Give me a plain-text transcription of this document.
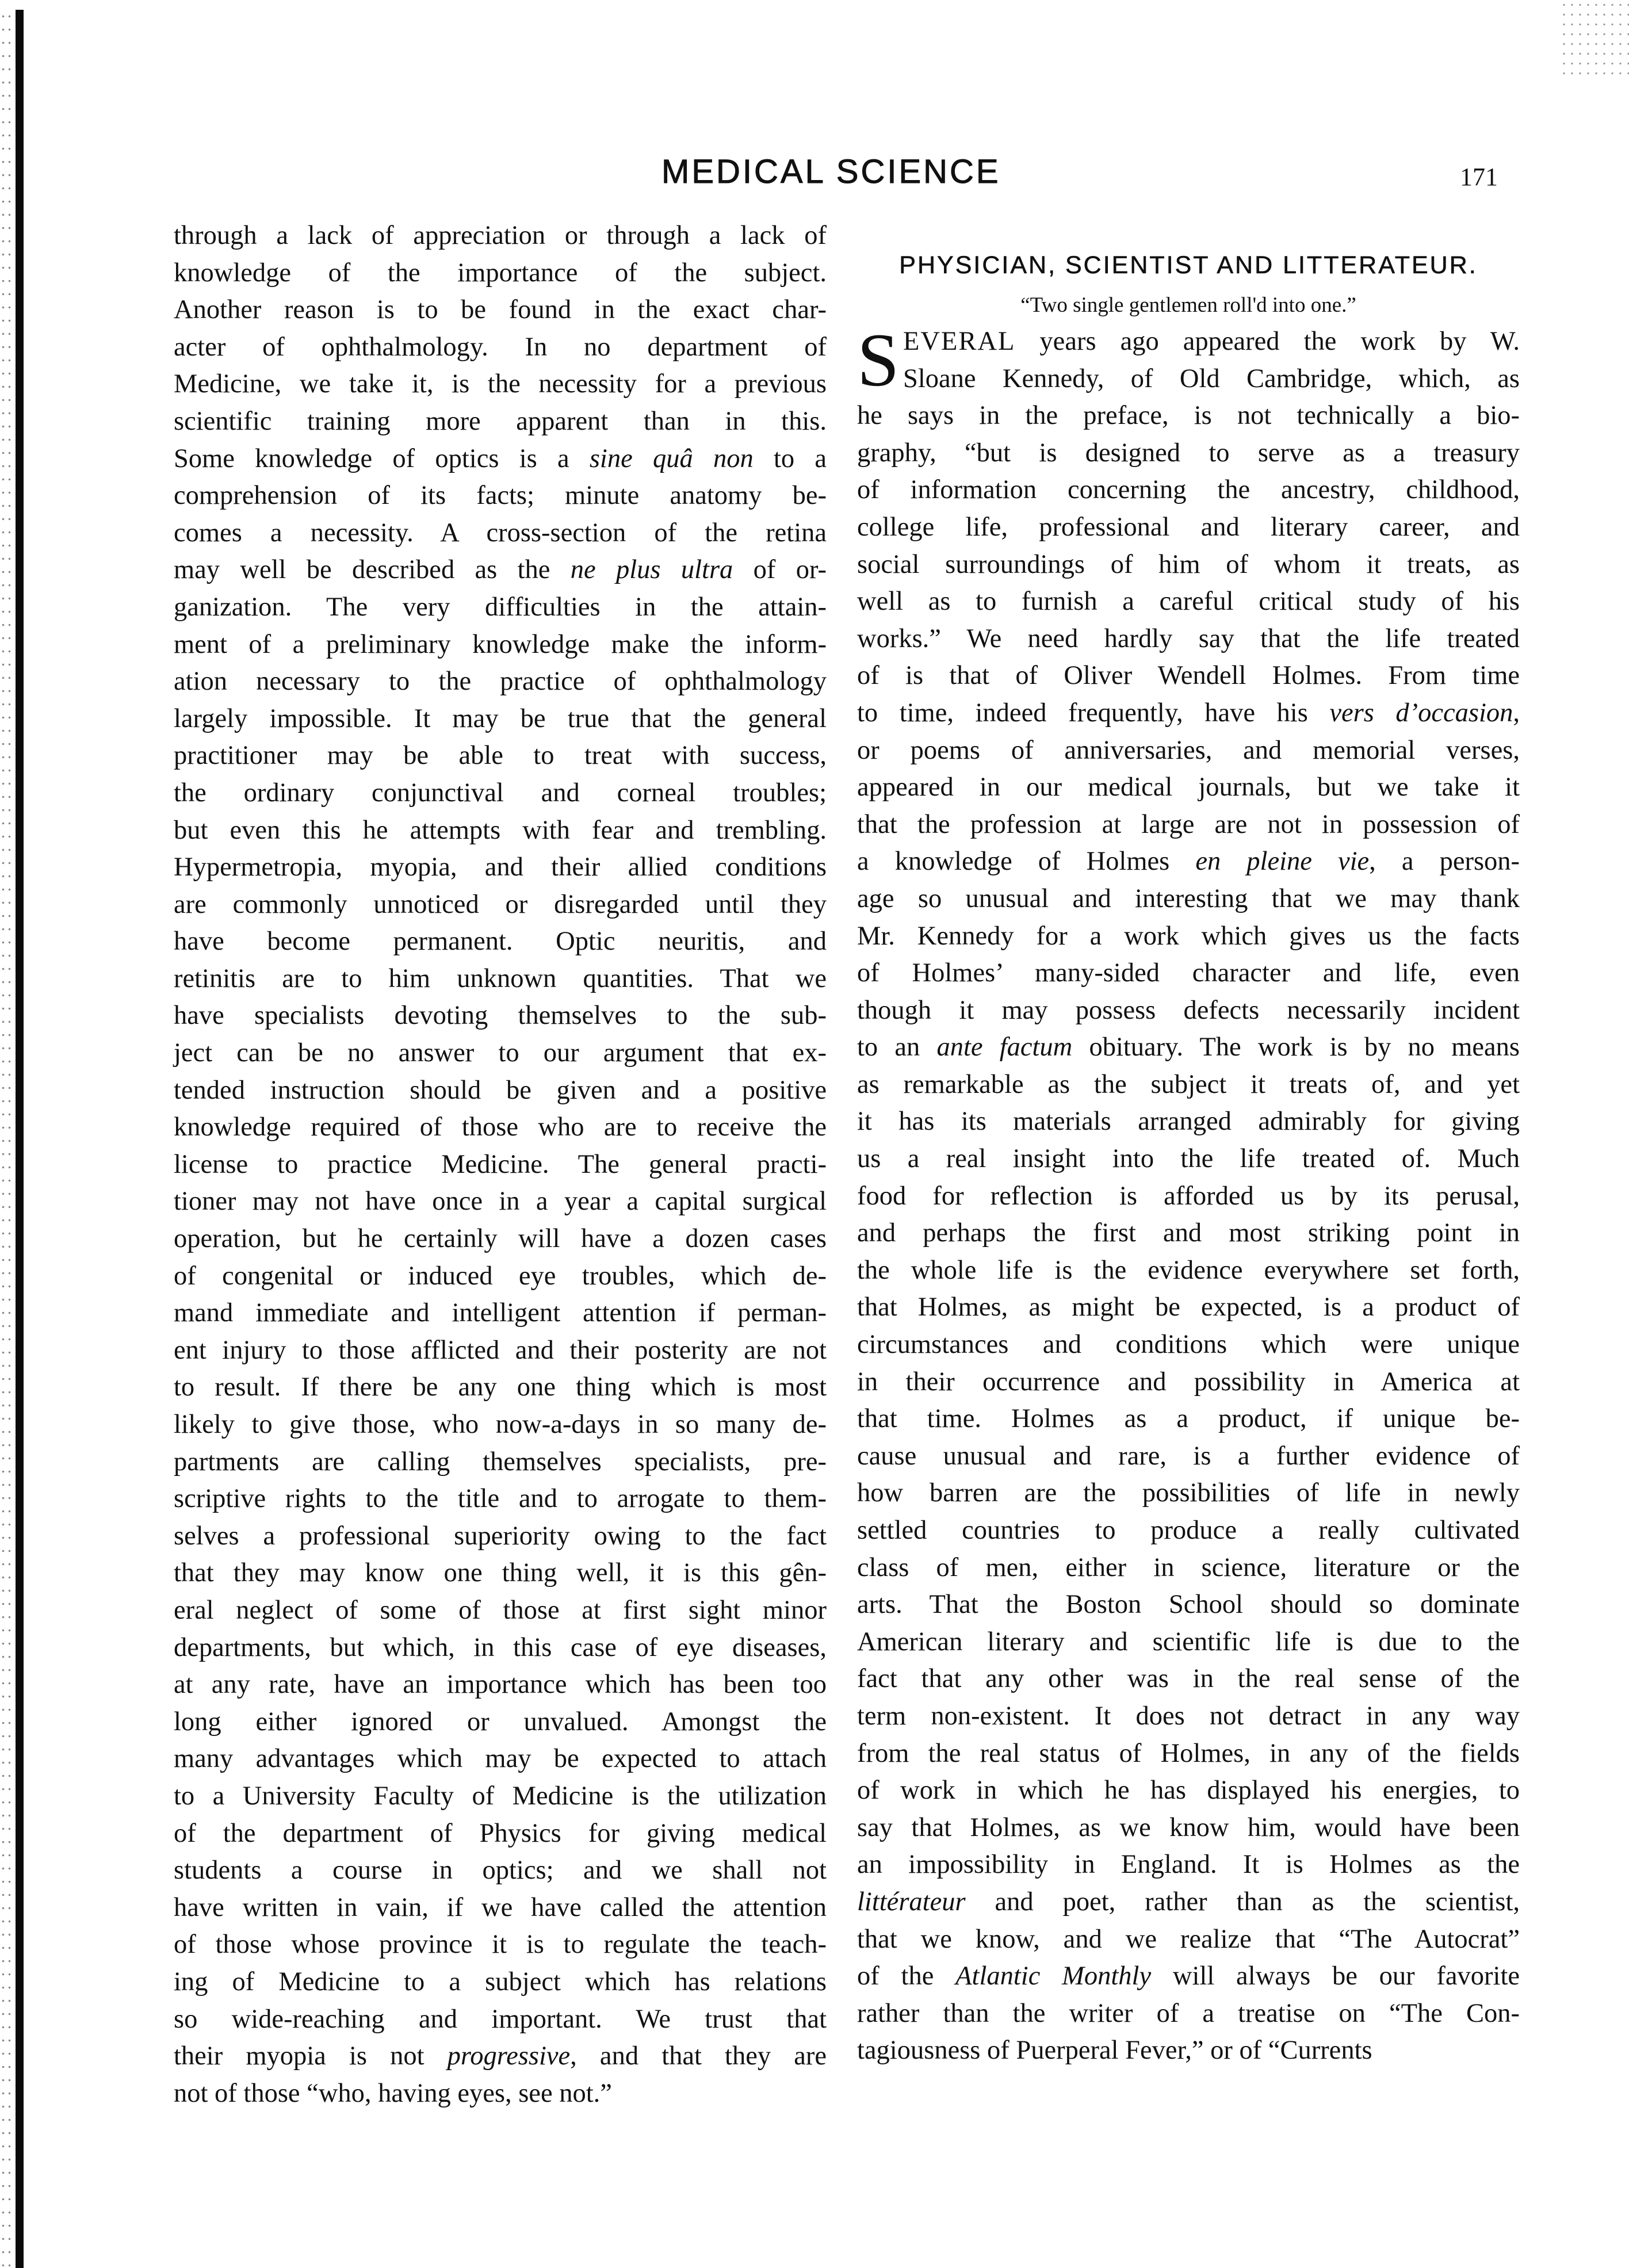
MEDICAL SCIENCE	171
through a lack of appreciation or through a lack of
knowledge of the importance of the subject.
Another reason is to be found in the exact char-
acter of ophthalmology. In no department of
Medicine, we take it, is the necessity for a previous
scientific training more apparent than in this.
Some knowledge of optics is a sine quâ non to a
comprehension of its facts; minute anatomy be-
comes a necessity. A cross-section of the retina
may well be described as the ne plus ultra of or-
ganization. The very difficulties in the attain-
ment of a preliminary knowledge make the inform-
ation necessary to the practice of ophthalmology
largely impossible. It may be true that the general
practitioner may be able to treat with success,
the ordinary conjunctival and corneal troubles;
but even this he attempts with fear and trembling.
Hypermetropia, myopia, and their allied conditions
are commonly unnoticed or disregarded until they
have become permanent. Optic neuritis, and
retinitis are to him unknown quantities. That we
have specialists devoting themselves to the sub-
ject can be no answer to our argument that ex-
tended instruction should be given and a positive
knowledge required of those who are to receive the
license to practice Medicine. The general practi-
tioner may not have once in a year a capital surgical
operation, but he certainly will have a dozen cases
of congenital or induced eye troubles, which de-
mand immediate and intelligent attention if perman-
ent injury to those afflicted and their posterity are not
to result. If there be any one thing which is most
likely to give those, who now-a-days in so many de-
partments are calling themselves specialists, pre-
scriptive rights to the title and to arrogate to them-
selves a professional superiority owing to the fact
that they may know one thing well, it is this gên-
eral neglect of some of those at first sight minor
departments, but which, in this case of eye diseases,
at any rate, have an importance which has been too
long either ignored or unvalued. Amongst the
many advantages which may be expected to attach
to a University Faculty of Medicine is the utilization
of the department of Physics for giving medical
students a course in optics; and we shall not
have written in vain, if we have called the attention
of those whose province it is to regulate the teach-
ing of Medicine to a subject which has relations
so wide-reaching and important. We trust that
their myopia is not progressive, and that they are
not of those “who, having eyes, see not.”
PHYSICIAN, SCIENTIST AND LITTERATEUR.
“Two single gentlemen roll'd into one.”
S EVERAL years ago appeared the work by W.
Sloane Kennedy, of Old Cambridge, which, as
he says in the preface, is not technically a bio-
graphy, “but is designed to serve as a treasury
of information concerning the ancestry, childhood,
college life, professional and literary career, and
social surroundings of him of whom it treats, as
well as to furnish a careful critical study of his
works.” We need hardly say that the life treated
of is that of Oliver Wendell Holmes. From time
to time, indeed frequently, have his vers d’occasion,
or poems of anniversaries, and memorial verses,
appeared in our medical journals, but we take it
that the profession at large are not in possession of
a knowledge of Holmes en pleine vie, a person-
age so unusual and interesting that we may thank
Mr. Kennedy for a work which gives us the facts
of Holmes’ many-sided character and life, even
though it may possess defects necessarily incident
to an ante factum obituary. The work is by no means
as remarkable as the subject it treats of, and yet
it has its materials arranged admirably for giving
us a real insight into the life treated of. Much
food for reflection is afforded us by its perusal,
and perhaps the first and most striking point in
the whole life is the evidence everywhere set forth,
that Holmes, as might be expected, is a product of
circumstances and conditions which were unique
in their occurrence and possibility in America at
that time. Holmes as a product, if unique be-
cause unusual and rare, is a further evidence of
how barren are the possibilities of life in newly
settled countries to produce a really cultivated
class of men, either in science, literature or the
arts. That the Boston School should so dominate
American literary and scientific life is due to the
fact that any other was in the real sense of the
term non-existent. It does not detract in any way
from the real status of Holmes, in any of the fields
of work in which he has displayed his energies, to
say that Holmes, as we know him, would have been
an impossibility in England. It is Holmes as the
littérateur and poet, rather than as the scientist,
that we know, and we realize that “The Autocrat”
of the Atlantic Monthly will always be our favorite
rather than the writer of a treatise on “The Con-
tagiousness of Puerperal Fever,” or of “Currents
